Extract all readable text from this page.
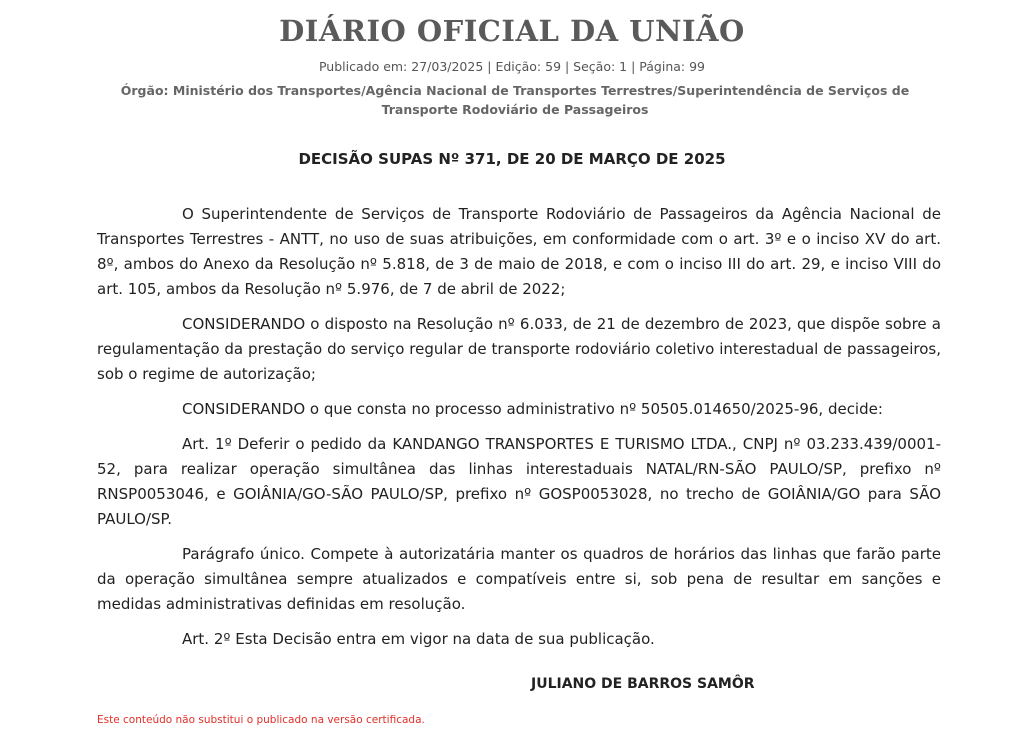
DIÁRIO OFICIAL DA UNIÃO
Publicado em: 27/03/2025 | Edição: 59 | Seção: 1 | Página: 99
Órgão: Ministério dos Transportes/Agência Nacional de Transportes Terrestres/Superintendência de Serviços de Transporte Rodoviário de Passageiros
DECISÃO SUPAS Nº 371, DE 20 DE MARÇO DE 2025

O Superintendente de Serviços de Transporte Rodoviário de Passageiros da Agência Nacional de Transportes Terrestres - ANTT, no uso de suas atribuições, em conformidade com o art. 3º e o inciso XV do art. 8º, ambos do Anexo da Resolução nº 5.818, de 3 de maio de 2018, e com o inciso III do art. 29, e inciso VIII do art. 105, ambos da Resolução nº 5.976, de 7 de abril de 2022;

CONSIDERANDO o disposto na Resolução nº 6.033, de 21 de dezembro de 2023, que dispõe sobre a regulamentação da prestação do serviço regular de transporte rodoviário coletivo interestadual de passageiros, sob o regime de autorização;

CONSIDERANDO o que consta no processo administrativo nº 50505.014650/2025-96, decide:

Art. 1º Deferir o pedido da KANDANGO TRANSPORTES E TURISMO LTDA., CNPJ nº 03.233.439/0001-52, para realizar operação simultânea das linhas interestaduais NATAL/RN-SÃO PAULO/SP, prefixo nº RNSP0053046, e GOIÂNIA/GO-SÃO PAULO/SP, prefixo nº GOSP0053028, no trecho de GOIÂNIA/GO para SÃO PAULO/SP.

Parágrafo único. Compete à autorizatária manter os quadros de horários das linhas que farão parte da operação simultânea sempre atualizados e compatíveis entre si, sob pena de resultar em sanções e medidas administrativas definidas em resolução.

Art. 2º Esta Decisão entra em vigor na data de sua publicação.

JULIANO DE BARROS SAMÔR
Este conteúdo não substitui o publicado na versão certificada.
